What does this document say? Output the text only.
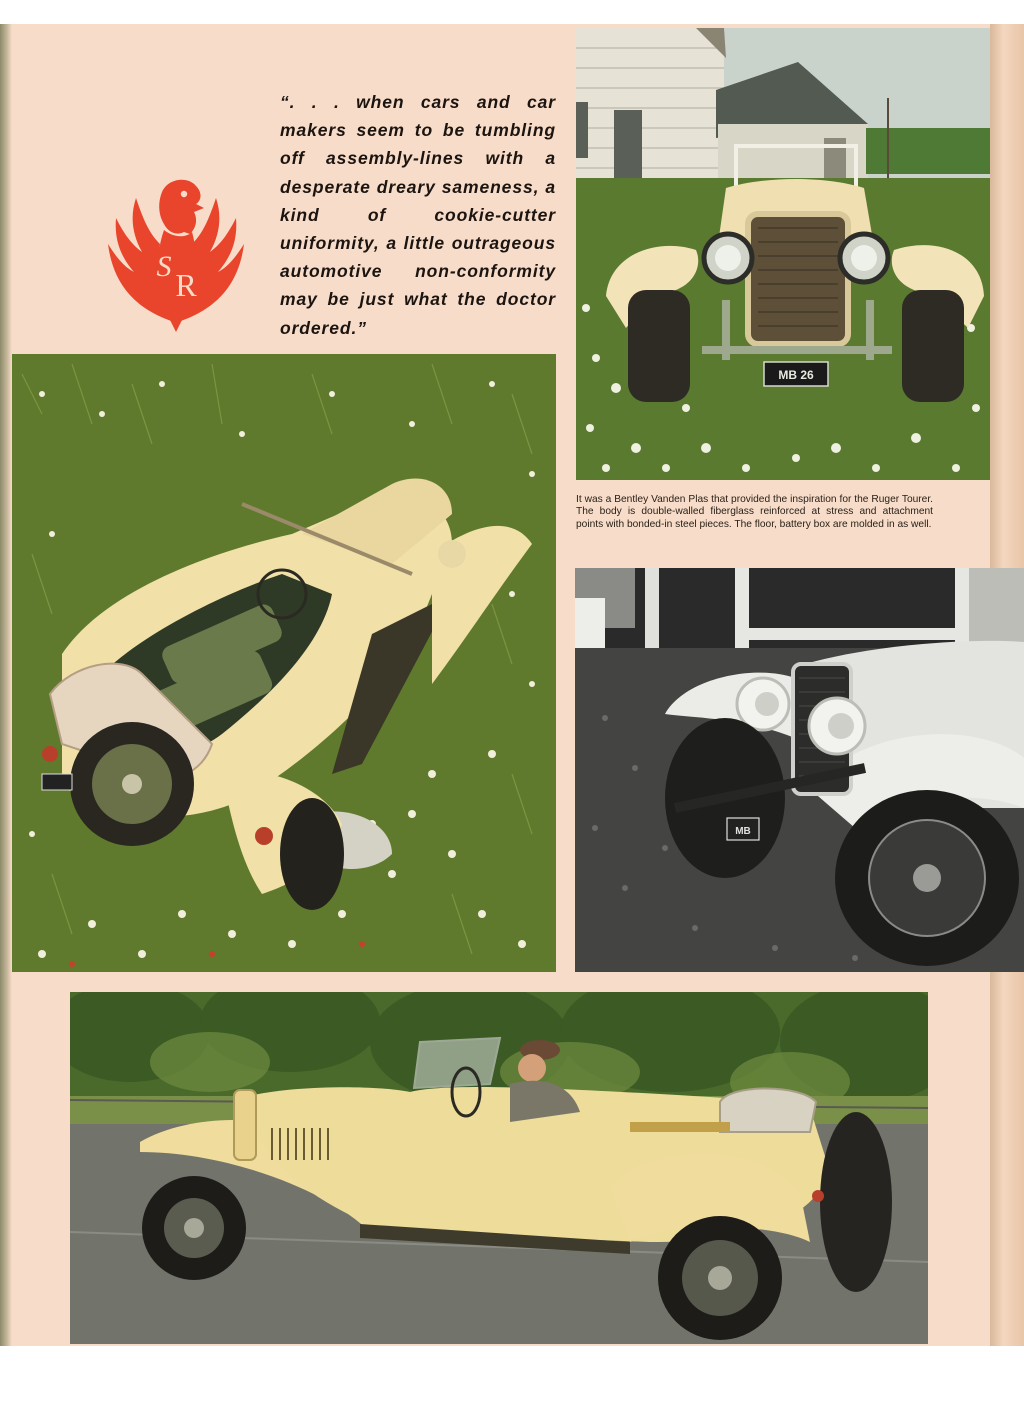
S
R

“. . . when cars and car makers seem to be tumbling off assembly-lines with a desperate dreary sameness, a kind of cookie-cutter uniformity, a little outrageous automotive non-conformity may be just what the doctor ordered.”

MB 26

It was a Bentley Vanden Plas that provided the inspiration for the Ruger Tourer. The body is double-walled fiberglass reinforced at stress and attachment points with bonded-in steel pieces. The floor, battery box are molded in as well.

MB
